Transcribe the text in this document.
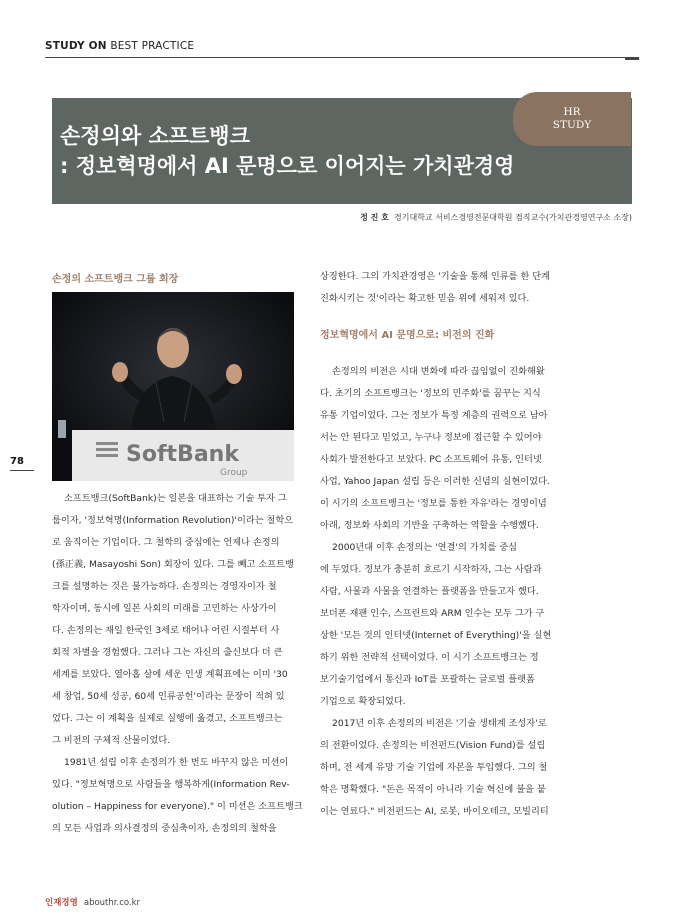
STUDY ON BEST PRACTICE
손정의와 소프트뱅크
: 정보혁명에서 AI 문명으로 이어지는 가치관경영
HR
STUDY
정 진 호 경기대학교 서비스경영전문대학원 겸직교수(가치관경영연구소 소장)
손정의 소프트뱅크 그룹 회장
SoftBank
Group
78
소프트뱅크(SoftBank)는 일본을 대표하는 기술 투자 그
룹이자, '정보혁명(Information Revolution)'이라는 철학으
로 움직이는 기업이다. 그 철학의 중심에는 언제나 손정의
(孫正義, Masayoshi Son) 회장이 있다. 그를 빼고 소프트뱅
크를 설명하는 것은 불가능하다. 손정의는 경영자이자 철
학자이며, 동시에 일본 사회의 미래를 고민하는 사상가이
다. 손정의는 재일 한국인 3세로 태어나 어린 시절부터 사
회적 차별을 경험했다. 그러나 그는 자신의 출신보다 더 큰
세계를 보았다. 열아홉 살에 세운 인생 계획표에는 이미 '30
세 창업, 50세 성공, 60세 인류공헌'이라는 문장이 적혀 있
었다. 그는 이 계획을 실제로 실행에 옮겼고, 소프트뱅크는
그 비전의 구체적 산물이었다.
1981년 설립 이후 손정의가 한 번도 바꾸지 않은 미션이
있다. "정보혁명으로 사람들을 행복하게(Information Rev-
olution – Happiness for everyone)." 이 미션은 소프트뱅크
의 모든 사업과 의사결정의 중심축이자, 손정의의 철학을
상징한다. 그의 가치관경영은 '기술을 통해 인류를 한 단계
진화시키는 것'이라는 확고한 믿음 위에 세워져 있다.
정보혁명에서 AI 문명으로: 비전의 진화
손정의의 비전은 시대 변화에 따라 끊임없이 진화해왔
다. 초기의 소프트뱅크는 '정보의 민주화'를 꿈꾸는 지식
유통 기업이었다. 그는 정보가 특정 계층의 권력으로 남아
서는 안 된다고 믿었고, 누구나 정보에 접근할 수 있어야
사회가 발전한다고 보았다. PC 소프트웨어 유통, 인터넷
사업, Yahoo Japan 설립 등은 이러한 신념의 실현이었다.
이 시기의 소프트뱅크는 '정보를 통한 자유'라는 경영이념
아래, 정보화 사회의 기반을 구축하는 역할을 수행했다.
2000년대 이후 손정의는 '연결'의 가치를 중심
에 두었다. 정보가 충분히 흐르기 시작하자, 그는 사람과
사람, 사물과 사물을 연결하는 플랫폼을 만들고자 했다.
보더폰 재팬 인수, 스프린트와 ARM 인수는 모두 그가 구
상한 '모든 것의 인터넷(Internet of Everything)'을 실현
하기 위한 전략적 선택이었다. 이 시기 소프트뱅크는 정
보기술기업에서 통신과 IoT를 포괄하는 글로벌 플랫폼
기업으로 확장되었다.
2017년 이후 손정의의 비전은 '기술 생태계 조성자'로
의 전환이었다. 손정의는 비전펀드(Vision Fund)를 설립
하며, 전 세계 유망 기술 기업에 자본을 투입했다. 그의 철
학은 명확했다. "돈은 목적이 아니라 기술 혁신에 불을 붙
이는 연료다." 비전펀드는 AI, 로봇, 바이오테크, 모빌리티
인재경영 abouthr.co.kr
